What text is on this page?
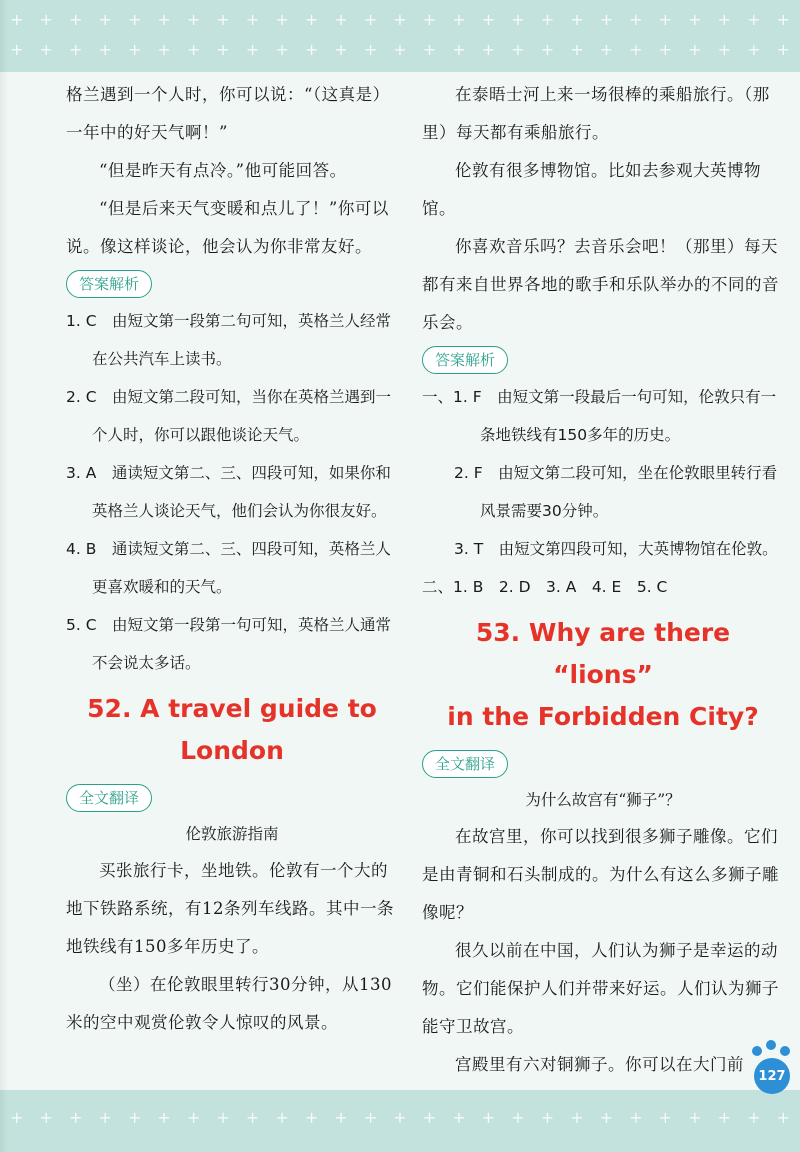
+ + + + + + + + + + + + + + + + + + + + + + + + + + +
+ + + + + + + + + + + + + + + + + + + + + + + + + + +
+ + + + + + + + + + + + + + + + + + + + + + + + + + +

格兰遇到一个人时，你可以说：“（这真是）一年中的好天气啊！”

“但是昨天有点冷。”他可能回答。

“但是后来天气变暖和点儿了！”你可以说。像这样谈论，他会认为你非常友好。

答案解析

1. C　由短文第一段第二句可知，英格兰人经常在公共汽车上读书。

2. C　由短文第二段可知，当你在英格兰遇到一个人时，你可以跟他谈论天气。

3. A　通读短文第二、三、四段可知，如果你和英格兰人谈论天气，他们会认为你很友好。

4. B　通读短文第二、三、四段可知，英格兰人更喜欢暖和的天气。

5. C　由短文第一段第一句可知，英格兰人通常不会说太多话。

52. A travel guide to
London
全文翻译

伦敦旅游指南

买张旅行卡，坐地铁。伦敦有一个大的地下铁路系统，有12条列车线路。其中一条地铁线有150多年历史了。

（坐）在伦敦眼里转行30分钟，从130米的空中观赏伦敦令人惊叹的风景。

在泰晤士河上来一场很棒的乘船旅行。（那里）每天都有乘船旅行。

伦敦有很多博物馆。比如去参观大英博物馆。

你喜欢音乐吗？去音乐会吧！（那里）每天都有来自世界各地的歌手和乐队举办的不同的音乐会。

答案解析

一、1. F　由短文第一段最后一句可知，伦敦只有一条地铁线有150多年的历史。

2. F　由短文第二段可知，坐在伦敦眼里转行看风景需要30分钟。

3. T　由短文第四段可知，大英博物馆在伦敦。

二、1. B　2. D　3. A　4. E　5. C

53. Why are there “lions”
in the Forbidden City?
全文翻译

为什么故宫有“狮子”？

在故宫里，你可以找到很多狮子雕像。它们是由青铜和石头制成的。为什么有这么多狮子雕像呢？

很久以前在中国，人们认为狮子是幸运的动物。它们能保护人们并带来好运。人们认为狮子能守卫故宫。

宫殿里有六对铜狮子。你可以在大门前

127
